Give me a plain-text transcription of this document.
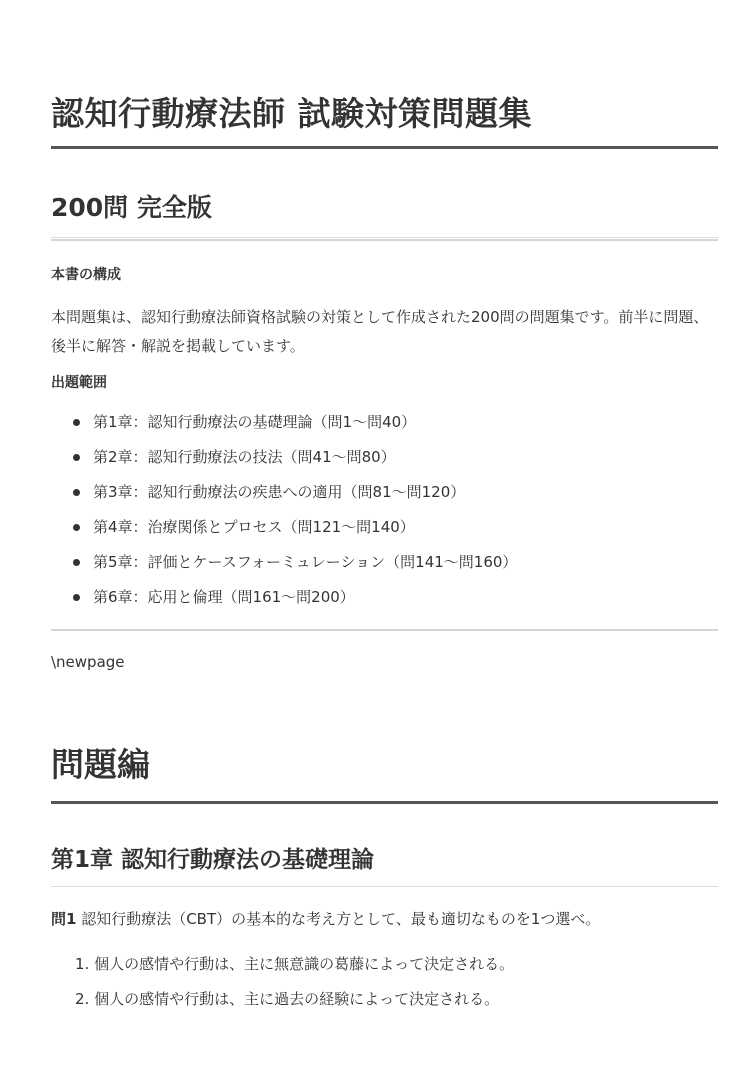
認知行動療法師 試験対策問題集
200問 完全版
本書の構成

本問題集は、認知行動療法師資格試験の対策として作成された200問の問題集です。前半に問題、後半に解答・解説を掲載しています。

出題範囲
第1章：認知行動療法の基礎理論（問1〜問40）
第2章：認知行動療法の技法（問41〜問80）
第3章：認知行動療法の疾患への適用（問81〜問120）
第4章：治療関係とプロセス（問121〜問140）
第5章：評価とケースフォーミュレーション（問141〜問160）
第6章：応用と倫理（問161〜問200）

\newpage

問題編
第1章 認知行動療法の基礎理論

問1 認知行動療法（CBT）の基本的な考え方として、最も適切なものを1つ選べ。

1. 個人の感情や行動は、主に無意識の葛藤によって決定される。
2. 個人の感情や行動は、主に過去の経験によって決定される。
